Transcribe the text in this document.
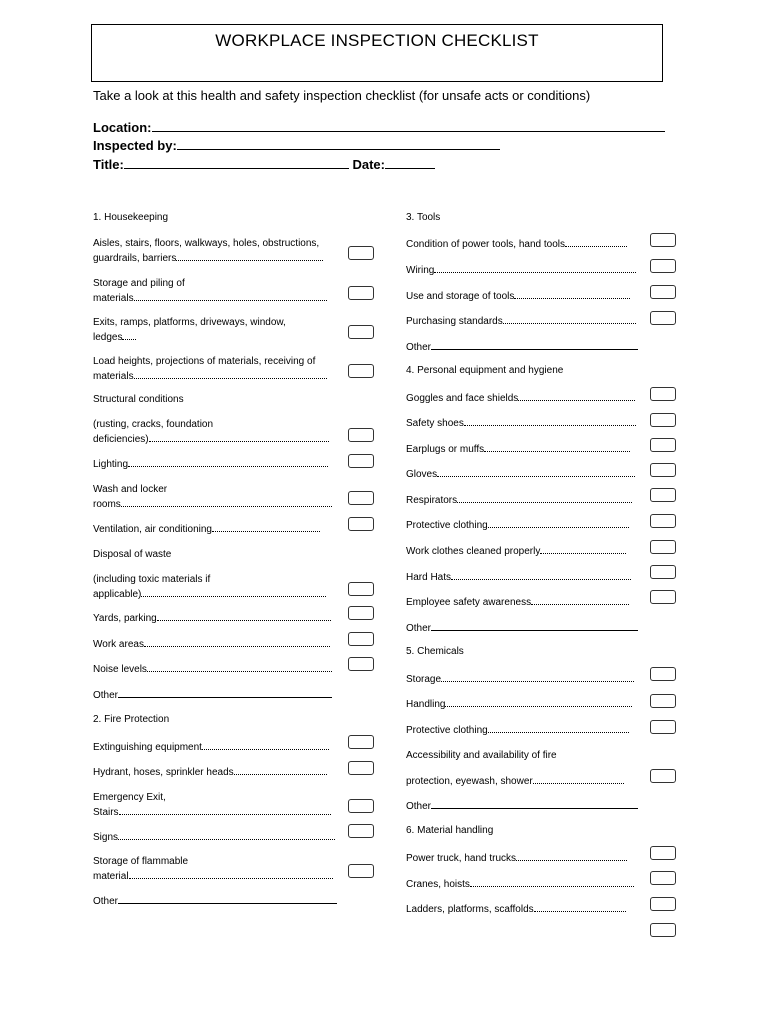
WORKPLACE INSPECTION CHECKLIST
Take a look at this health and safety inspection checklist (for unsafe acts or conditions)
Location:
Inspected by:
Title:	Date:
1. Housekeeping
Aisles, stairs, floors, walkways, holes, obstructions,
guardrails, barriers
Storage and piling of
materials
Exits, ramps, platforms, driveways, window,
ledges
Load heights, projections of materials, receiving of
materials
Structural conditions
(rusting, cracks, foundation
deficiencies)
Lighting
Wash and locker
rooms
Ventilation, air conditioning
Disposal of waste
(including toxic materials if
applicable)
Yards, parking
Work areas
Noise levels
Other
2. Fire Protection
Extinguishing equipment
Hydrant, hoses, sprinkler heads
Emergency Exit,
Stairs
Signs
Storage of flammable
material
Other
3. Tools
Condition of power tools, hand tools
Wiring
Use and storage of tools
Purchasing standards
Other
4. Personal equipment and hygiene
Goggles and face shields
Safety shoes
Earplugs or muffs
Gloves
Respirators
Protective clothing
Work clothes cleaned properly
Hard Hats
Employee safety awareness
Other
5. Chemicals
Storage
Handling
Protective clothing
Accessibility and availability of fire
protection, eyewash, shower
Other
6. Material handling
Power truck, hand trucks
Cranes, hoists
Ladders, platforms, scaffolds
